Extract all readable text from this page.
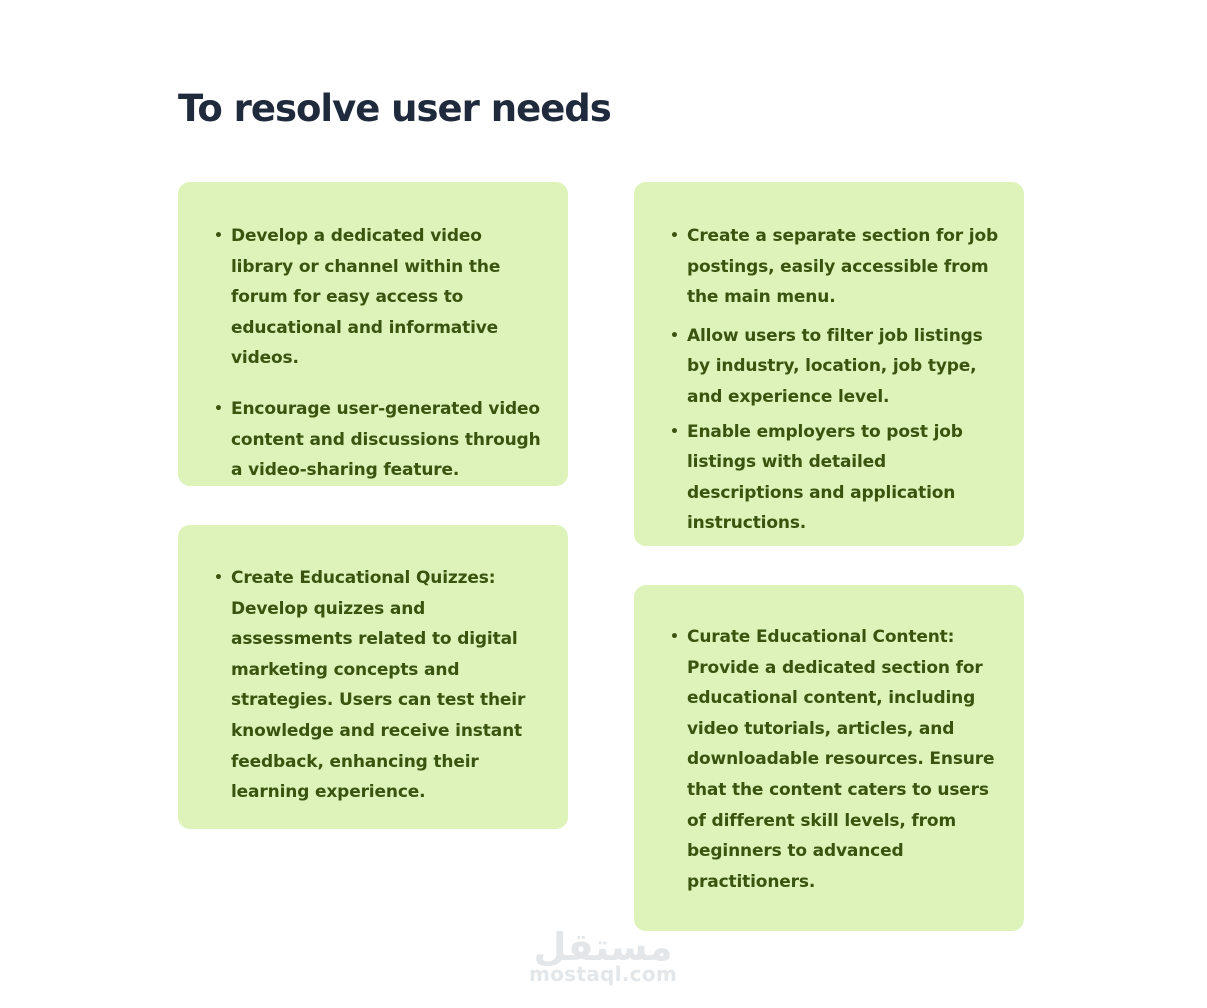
To resolve user needs
• Develop a dedicated video library or channel within the forum for easy access to educational and informative videos.
• Encourage user-generated video content and discussions through a video-sharing feature.
• Create a separate section for job postings, easily accessible from the main menu.
• Allow users to filter job listings by industry, location, job type, and experience level.
• Enable employers to post job listings with detailed descriptions and application instructions.
• Create Educational Quizzes: Develop quizzes and assessments related to digital marketing concepts and strategies. Users can test their knowledge and receive instant feedback, enhancing their learning experience.
• Curate Educational Content: Provide a dedicated section for educational content, including video tutorials, articles, and downloadable resources. Ensure that the content caters to users of different skill levels, from beginners to advanced practitioners.
مستقل
mostaql.com
